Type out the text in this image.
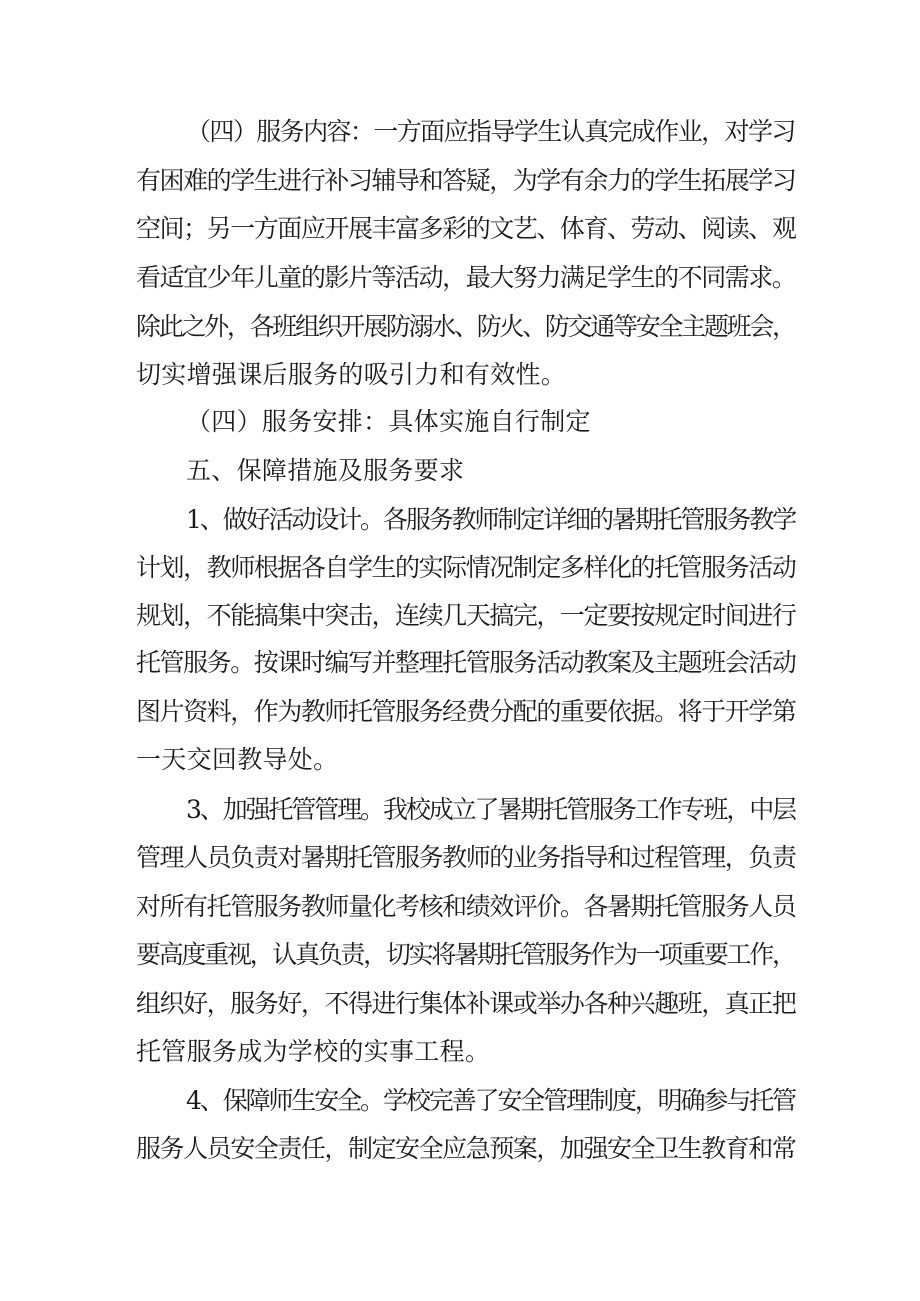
（四）服务内容：一方面应指导学生认真完成作业，对学习
有困难的学生进行补习辅导和答疑，为学有余力的学生拓展学习
空间；另一方面应开展丰富多彩的文艺、体育、劳动、阅读、观
看适宜少年儿童的影片等活动，最大努力满足学生的不同需求。
除此之外，各班组织开展防溺水、防火、防交通等安全主题班会，
切实增强课后服务的吸引力和有效性。
（四）服务安排：具体实施自行制定
五、保障措施及服务要求
1、做好活动设计。各服务教师制定详细的暑期托管服务教学
计划，教师根据各自学生的实际情况制定多样化的托管服务活动
规划，不能搞集中突击，连续几天搞完，一定要按规定时间进行
托管服务。按课时编写并整理托管服务活动教案及主题班会活动
图片资料，作为教师托管服务经费分配的重要依据。将于开学第
一天交回教导处。
3、加强托管管理。我校成立了暑期托管服务工作专班，中层
管理人员负责对暑期托管服务教师的业务指导和过程管理，负责
对所有托管服务教师量化考核和绩效评价。各暑期托管服务人员
要高度重视，认真负责，切实将暑期托管服务作为一项重要工作，
组织好，服务好，不得进行集体补课或举办各种兴趣班，真正把
托管服务成为学校的实事工程。
4、保障师生安全。学校完善了安全管理制度，明确参与托管
服务人员安全责任，制定安全应急预案，加强安全卫生教育和常
